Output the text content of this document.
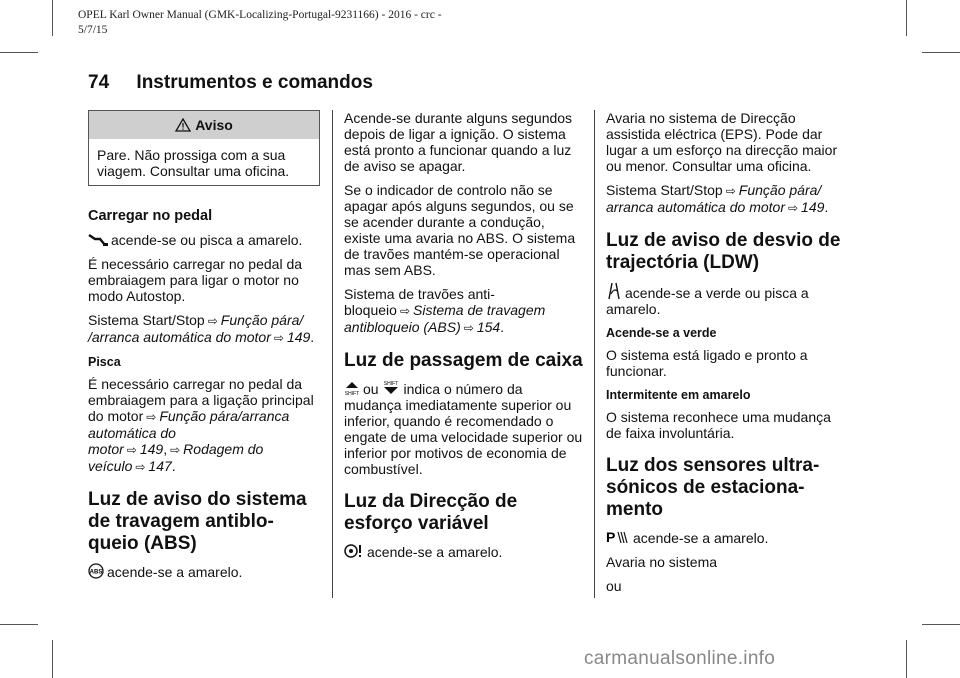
OPEL Karl Owner Manual (GMK-Localizing-Portugal-9231166) - 2016 - crc -
5/7/15
74 Instrumentos e comandos
Aviso
Pare. Não prossiga com a sua viagem. Consultar uma oficina.
Carregar no pedal

acende-se ou pisca a amarelo.

É necessário carregar no pedal da embraiagem para ligar o motor no modo Autostop.

Sistema Start/Stop ⇨ Função pára/ /arranca automática do motor ⇨ 149.

Pisca

É necessário carregar no pedal da embraiagem para a ligação principal do motor ⇨ Função pára/arranca automática do motor ⇨ 149, ⇨ Rodagem do veículo ⇨ 147.

Luz de aviso do sistema de travagem antiblo- queio (ABS)

ABS acende-se a amarelo.

Acende-se durante alguns segundos depois de ligar a ignição. O sistema está pronto a funcionar quando a luz de aviso se apagar.

Se o indicador de controlo não se apagar após alguns segundos, ou se se acender durante a condução, existe uma avaria no ABS. O sistema de travões mantém-se operacional mas sem ABS.

Sistema de travões anti-bloqueio ⇨ Sistema de travagem antibloqueio (ABS) ⇨ 154.

Luz de passagem de caixa

SHIFT ou SHIFT indica o número da mudança imediatamente superior ou inferior, quando é recomendado o engate de uma velocidade superior ou inferior por motivos de economia de combustível.

Luz da Direcção de esforço variável

acende-se a amarelo.

Avaria no sistema de Direcção assistida eléctrica (EPS). Pode dar lugar a um esforço na direcção maior ou menor. Consultar uma oficina.

Sistema Start/Stop ⇨ Função pára/ arranca automática do motor ⇨ 149.

Luz de aviso de desvio de trajectória (LDW)

acende-se a verde ou pisca a amarelo.

Acende-se a verde

O sistema está ligado e pronto a funcionar.

Intermitente em amarelo

O sistema reconhece uma mudança de faixa involuntária.

Luz dos sensores ultra- sónicos de estaciona- mento

P acende-se a amarelo.

Avaria no sistema

ou

carmanualsonline.info
